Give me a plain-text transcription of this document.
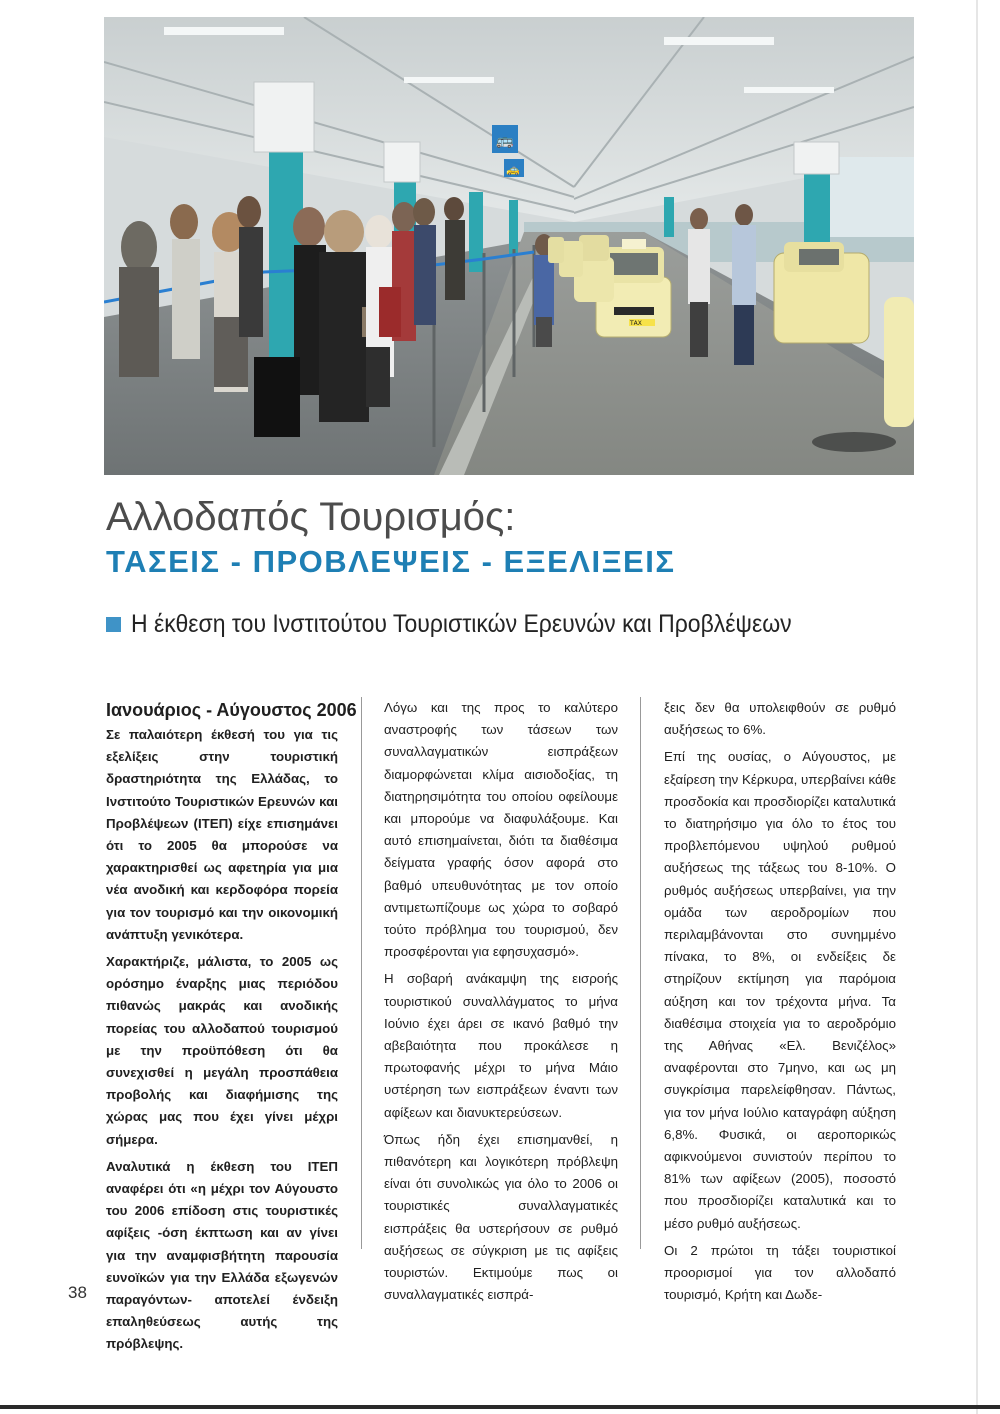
🚌
🚕
ΤΑΧ
Αλλοδαπός Τουρισμός:
ΤΑΣΕΙΣ - ΠΡΟΒΛΕΨΕΙΣ - ΕΞΕΛΙΞΕΙΣ
Η έκθεση του Ινστιτούτου Τουριστικών Ερευνών και Προβλέψεων
Ιανουάριος - Αύγουστος 2006

Σε παλαιότερη έκθεσή του για τις εξελίξεις στην τουριστική δραστηριότητα της Ελλάδας, το Ινστιτούτο Τουριστικών Ερευνών και Προβλέψεων (ΙΤΕΠ) είχε επισημάνει ότι το 2005 θα μπορούσε να χαρακτηρισθεί ως αφετηρία για μια νέα ανοδική και κερδοφόρα πορεία για τον τουρισμό και την οικονομική ανάπτυξη γενικότερα.

Χαρακτήριζε, μάλιστα, το 2005 ως ορόσημο έναρξης μιας περιόδου πιθανώς μακράς και ανοδικής πορείας του αλλοδαπού τουρισμού με την προϋπόθεση ότι θα συνεχισθεί η μεγάλη προσπάθεια προβολής και διαφήμισης της χώρας μας που έχει γίνει μέχρι σήμερα.

Αναλυτικά η έκθεση του ΙΤΕΠ αναφέρει ότι «η μέχρι τον Αύγουστο του 2006 επίδοση στις τουριστικές αφίξεις -όση έκπτωση και αν γίνει για την αναμφισβήτητη παρουσία ευνοϊκών για την Ελλάδα εξωγενών παραγόντων- αποτελεί ένδειξη επαληθεύσεως αυτής της πρόβλεψης.

Λόγω και της προς το καλύτερο αναστροφής των τάσεων των συναλλαγματικών εισπράξεων διαμορφώνεται κλίμα αισιοδοξίας, τη διατηρησιμότητα του οποίου οφείλουμε και μπορούμε να διαφυλάξουμε. Και αυτό επισημαίνεται, διότι τα διαθέσιμα δείγματα γραφής όσον αφορά στο βαθμό υπευθυνότητας με τον οποίο αντιμετωπίζουμε ως χώρα το σοβαρό τούτο πρόβλημα του τουρισμού, δεν προσφέρονται για εφησυχασμό».

Η σοβαρή ανάκαμψη της εισροής τουριστικού συναλλάγματος το μήνα Ιούνιο έχει άρει σε ικανό βαθμό την αβεβαιότητα που προκάλεσε η πρωτοφανής μέχρι το μήνα Μάιο υστέρηση των εισπράξεων έναντι των αφίξεων και διανυκτερεύσεων.

Όπως ήδη έχει επισημανθεί, η πιθανότερη και λογικότερη πρόβλεψη είναι ότι συνολικώς για όλο το 2006 οι τουριστικές συναλλαγματικές εισπράξεις θα υστερήσουν σε ρυθμό αυξήσεως σε σύγκριση με τις αφίξεις τουριστών. Εκτιμούμε πως οι συναλλαγματικές εισπρά-

ξεις δεν θα υπολειφθούν σε ρυθμό αυξήσεως το 6%.

Επί της ουσίας, ο Αύγουστος, με εξαίρεση την Κέρκυρα, υπερβαίνει κάθε προσδοκία και προσδιορίζει καταλυτικά το διατηρήσιμο για όλο το έτος του προβλεπόμενου υψηλού ρυθμού αυξήσεως της τάξεως του 8-10%. Ο ρυθμός αυξήσεως υπερβαίνει, για την ομάδα των αεροδρομίων που περιλαμβάνονται στο συνημμένο πίνακα, το 8%, οι ενδείξεις δε στηρίζουν εκτίμηση για παρόμοια αύξηση και τον τρέχοντα μήνα. Τα διαθέσιμα στοιχεία για το αεροδρόμιο της Αθήνας «Ελ. Βενιζέλος» αναφέρονται στο 7μηνο, και ως μη συγκρίσιμα παρελείφθησαν. Πάντως, για τον μήνα Ιούλιο καταγράφη αύξηση 6,8%. Φυσικά, οι αεροπορικώς αφικνούμενοι συνιστούν περίπου το 81% των αφίξεων (2005), ποσοστό που προσδιορίζει καταλυτικά και το μέσο ρυθμό αυξήσεως.

Οι 2 πρώτοι τη τάξει τουριστικοί προορισμοί για τον αλλοδαπό τουρισμό, Κρήτη και Δωδε-

38
